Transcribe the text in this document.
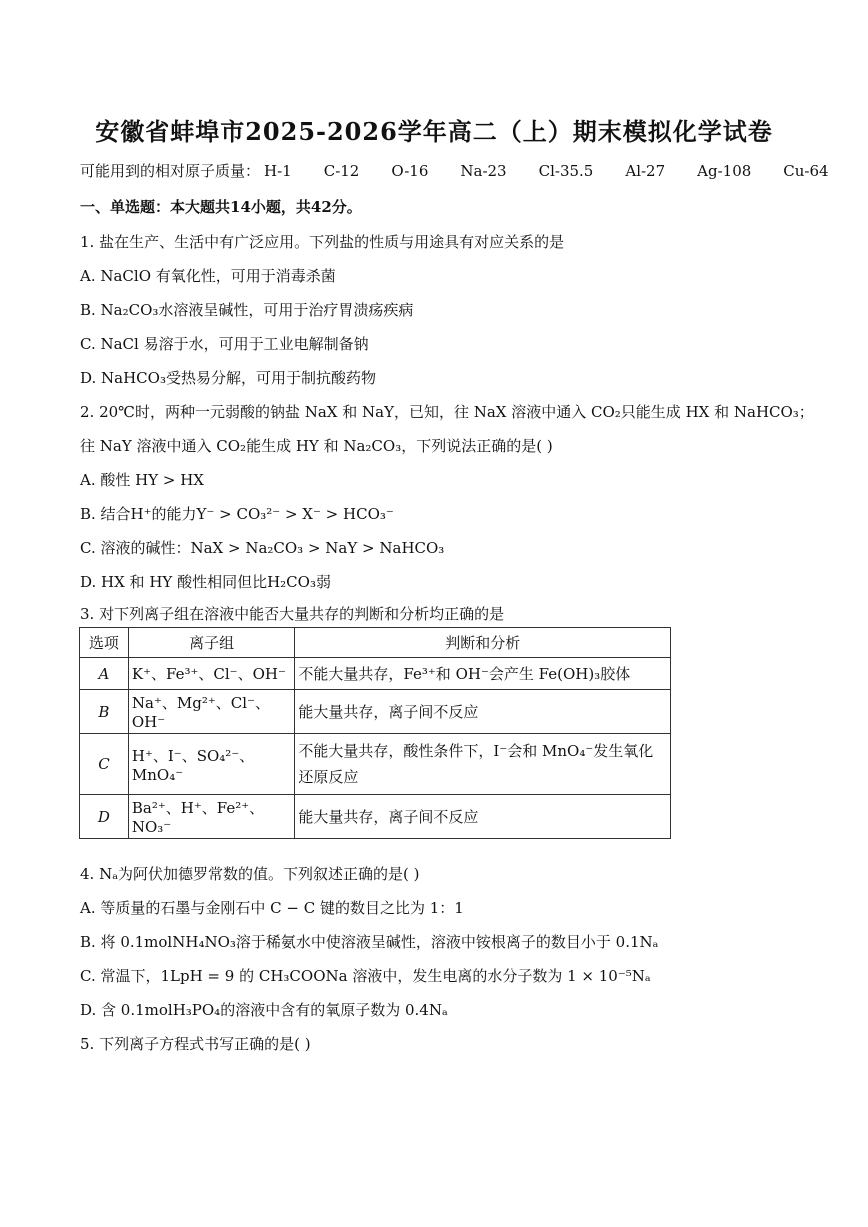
安徽省蚌埠市2025-2026学年高二（上）期末模拟化学试卷
可能用到的相对原子质量： H-1 C-12 O-16 Na-23 Cl-35.5 Al-27 Ag-108 Cu-64
一、单选题：本大题共14小题，共42分。
1. 盐在生产、生活中有广泛应用。下列盐的性质与用途具有对应关系的是
A. NaClO 有氧化性，可用于消毒杀菌
B. Na₂CO₃水溶液呈碱性，可用于治疗胃溃疡疾病
C. NaCl 易溶于水，可用于工业电解制备钠
D. NaHCO₃受热易分解，可用于制抗酸药物
2. 20℃时，两种一元弱酸的钠盐 NaX 和 NaY，已知，往 NaX 溶液中通入 CO₂只能生成 HX 和 NaHCO₃；
往 NaY 溶液中通入 CO₂能生成 HY 和 Na₂CO₃，下列说法正确的是( )
A. 酸性 HY > HX
B. 结合H⁺的能力Y⁻ > CO₃²⁻ > X⁻ > HCO₃⁻
C. 溶液的碱性：NaX > Na₂CO₃ > NaY > NaHCO₃
D. HX 和 HY 酸性相同但比H₂CO₃弱
3. 对下列离子组在溶液中能否大量共存的判断和分析均正确的是
选项	离子组	判断和分析
A	K⁺、Fe³⁺、Cl⁻、OH⁻	不能大量共存，Fe³⁺和 OH⁻会产生 Fe(OH)₃胶体
B	Na⁺、Mg²⁺、Cl⁻、OH⁻	能大量共存，离子间不反应
C	H⁺、I⁻、SO₄²⁻、MnO₄⁻	不能大量共存，酸性条件下，I⁻会和 MnO₄⁻发生氧化还原反应
D	Ba²⁺、H⁺、Fe²⁺、NO₃⁻	能大量共存，离子间不反应
4. Nₐ为阿伏加德罗常数的值。下列叙述正确的是( )
A. 等质量的石墨与金刚石中 C − C 键的数目之比为 1：1
B. 将 0.1molNH₄NO₃溶于稀氨水中使溶液呈碱性，溶液中铵根离子的数目小于 0.1Nₐ
C. 常温下，1LpH = 9 的 CH₃COONa 溶液中，发生电离的水分子数为 1 × 10⁻⁵Nₐ
D. 含 0.1molH₃PO₄的溶液中含有的氧原子数为 0.4Nₐ
5. 下列离子方程式书写正确的是( )
